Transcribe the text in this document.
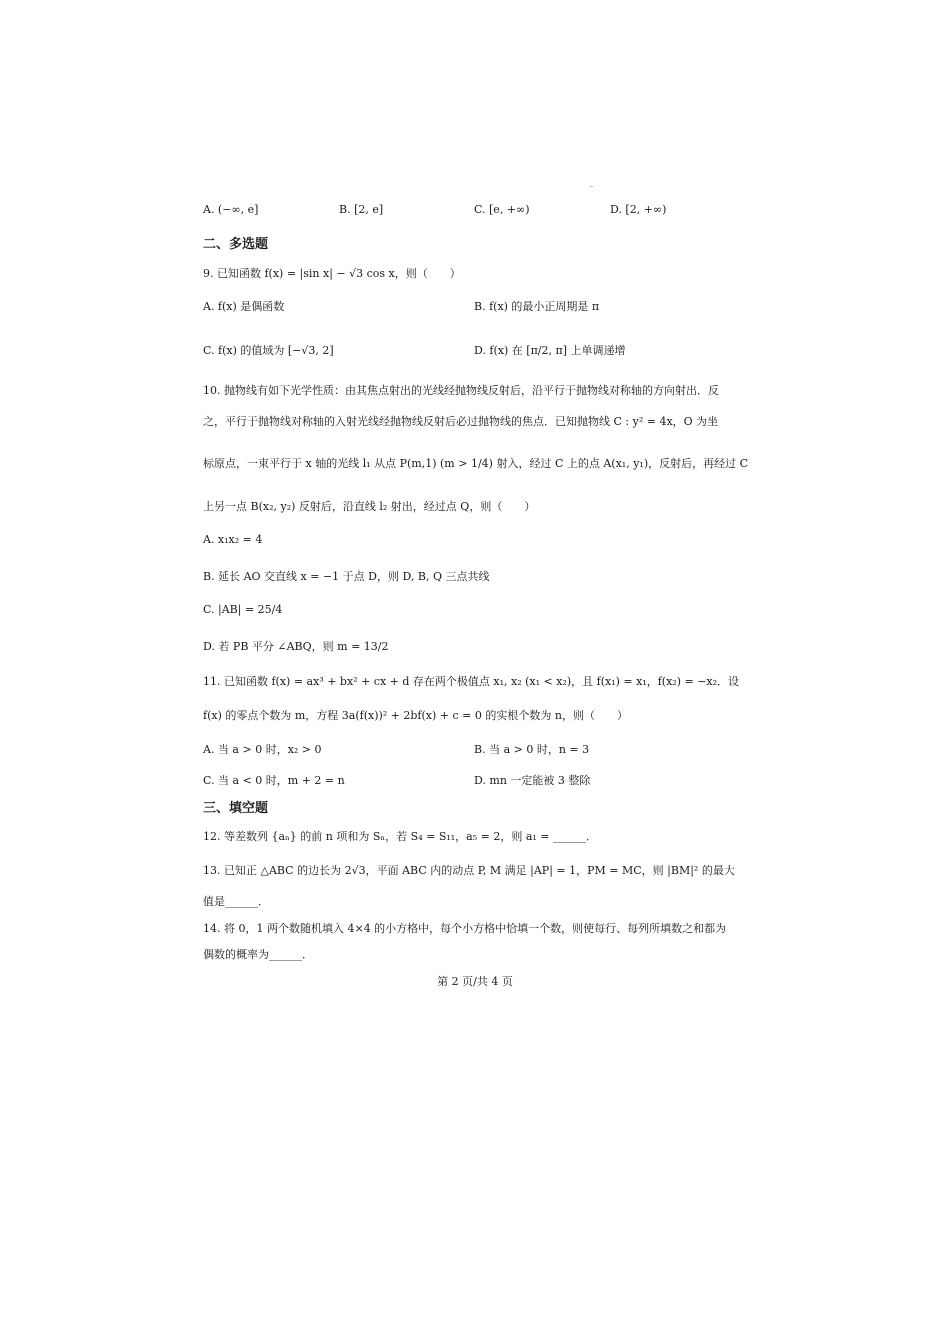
A. (−∞, e]	B. [2, e]	C. [e, +∞)	D. [2, +∞)
二、多选题
9. 已知函数 f(x) = |sin x| − √3 cos x，则（　　）
A. f(x) 是偶函数	B. f(x) 的最小正周期是 π
C. f(x) 的值域为 [−√3, 2]	D. f(x) 在 [π/2, π] 上单调递增
10. 抛物线有如下光学性质：由其焦点射出的光线经抛物线反射后，沿平行于抛物线对称轴的方向射出．反
之，平行于抛物线对称轴的入射光线经抛物线反射后必过抛物线的焦点．已知抛物线 C : y² = 4x，O 为坐
标原点，一束平行于 x 轴的光线 l₁ 从点 P(m,1) (m > 1/4) 射入，经过 C 上的点 A(x₁, y₁)，反射后，再经过 C
上另一点 B(x₂, y₂) 反射后，沿直线 l₂ 射出，经过点 Q，则（　　）
A. x₁x₂ = 4
B. 延长 AO 交直线 x = −1 于点 D，则 D, B, Q 三点共线
C. |AB| = 25/4
D. 若 PB 平分 ∠ABQ，则 m = 13/2
11. 已知函数 f(x) = ax³ + bx² + cx + d 存在两个极值点 x₁, x₂ (x₁ < x₂)，且 f(x₁) = x₁，f(x₂) = −x₂．设
f(x) 的零点个数为 m，方程 3a(f(x))² + 2bf(x) + c = 0 的实根个数为 n，则（　　）
A. 当 a > 0 时，x₂ > 0	B. 当 a > 0 时，n = 3
C. 当 a < 0 时，m + 2 = n	D. mn 一定能被 3 整除
三、填空题
12. 等差数列 {aₙ} 的前 n 项和为 Sₙ，若 S₄ = S₁₁，a₅ = 2，则 a₁ = ______．
13. 已知正 △ABC 的边长为 2√3，平面 ABC 内的动点 P, M 满足 |AP| = 1，PM = MC，则 |BM|² 的最大
值是______．
14. 将 0，1 两个数随机填入 4×4 的小方格中，每个小方格中恰填一个数，则使每行、每列所填数之和都为
偶数的概率为______．
第 2 页/共 4 页
